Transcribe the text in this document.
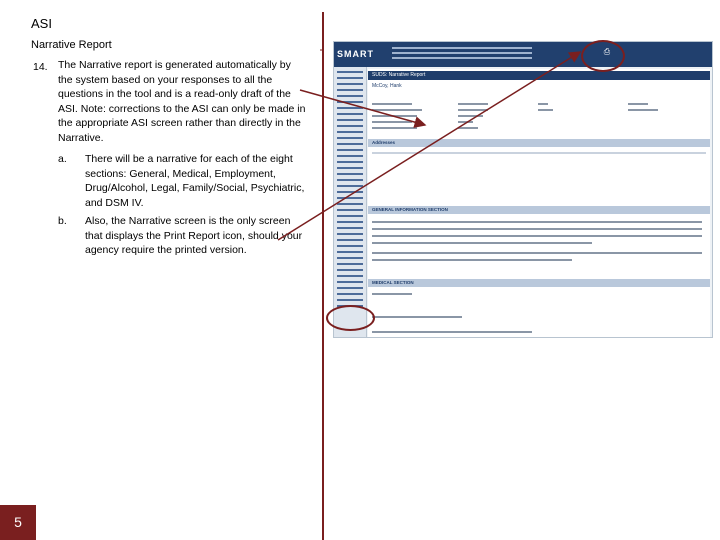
ASI
Narrative Report
14. The Narrative report is generated automatically by the system based on your responses to all the questions in the tool and is a read-only draft of the ASI. Note: corrections to the ASI can only be made in the appropriate ASI screen rather than directly in the Narrative.
a. There will be a narrative for each of the eight sections: General, Medical, Employment, Drug/Alcohol, Legal, Family/Social, Psychiatric, and DSM IV.
b. Also, the Narrative screen is the only screen that displays the Print Report icon, should your agency require the printed version.
SMART	⎙
SUDS: Narrative Report
McCoy, Hank
Addresses
GENERAL INFORMATION SECTION
MEDICAL SECTION
5
